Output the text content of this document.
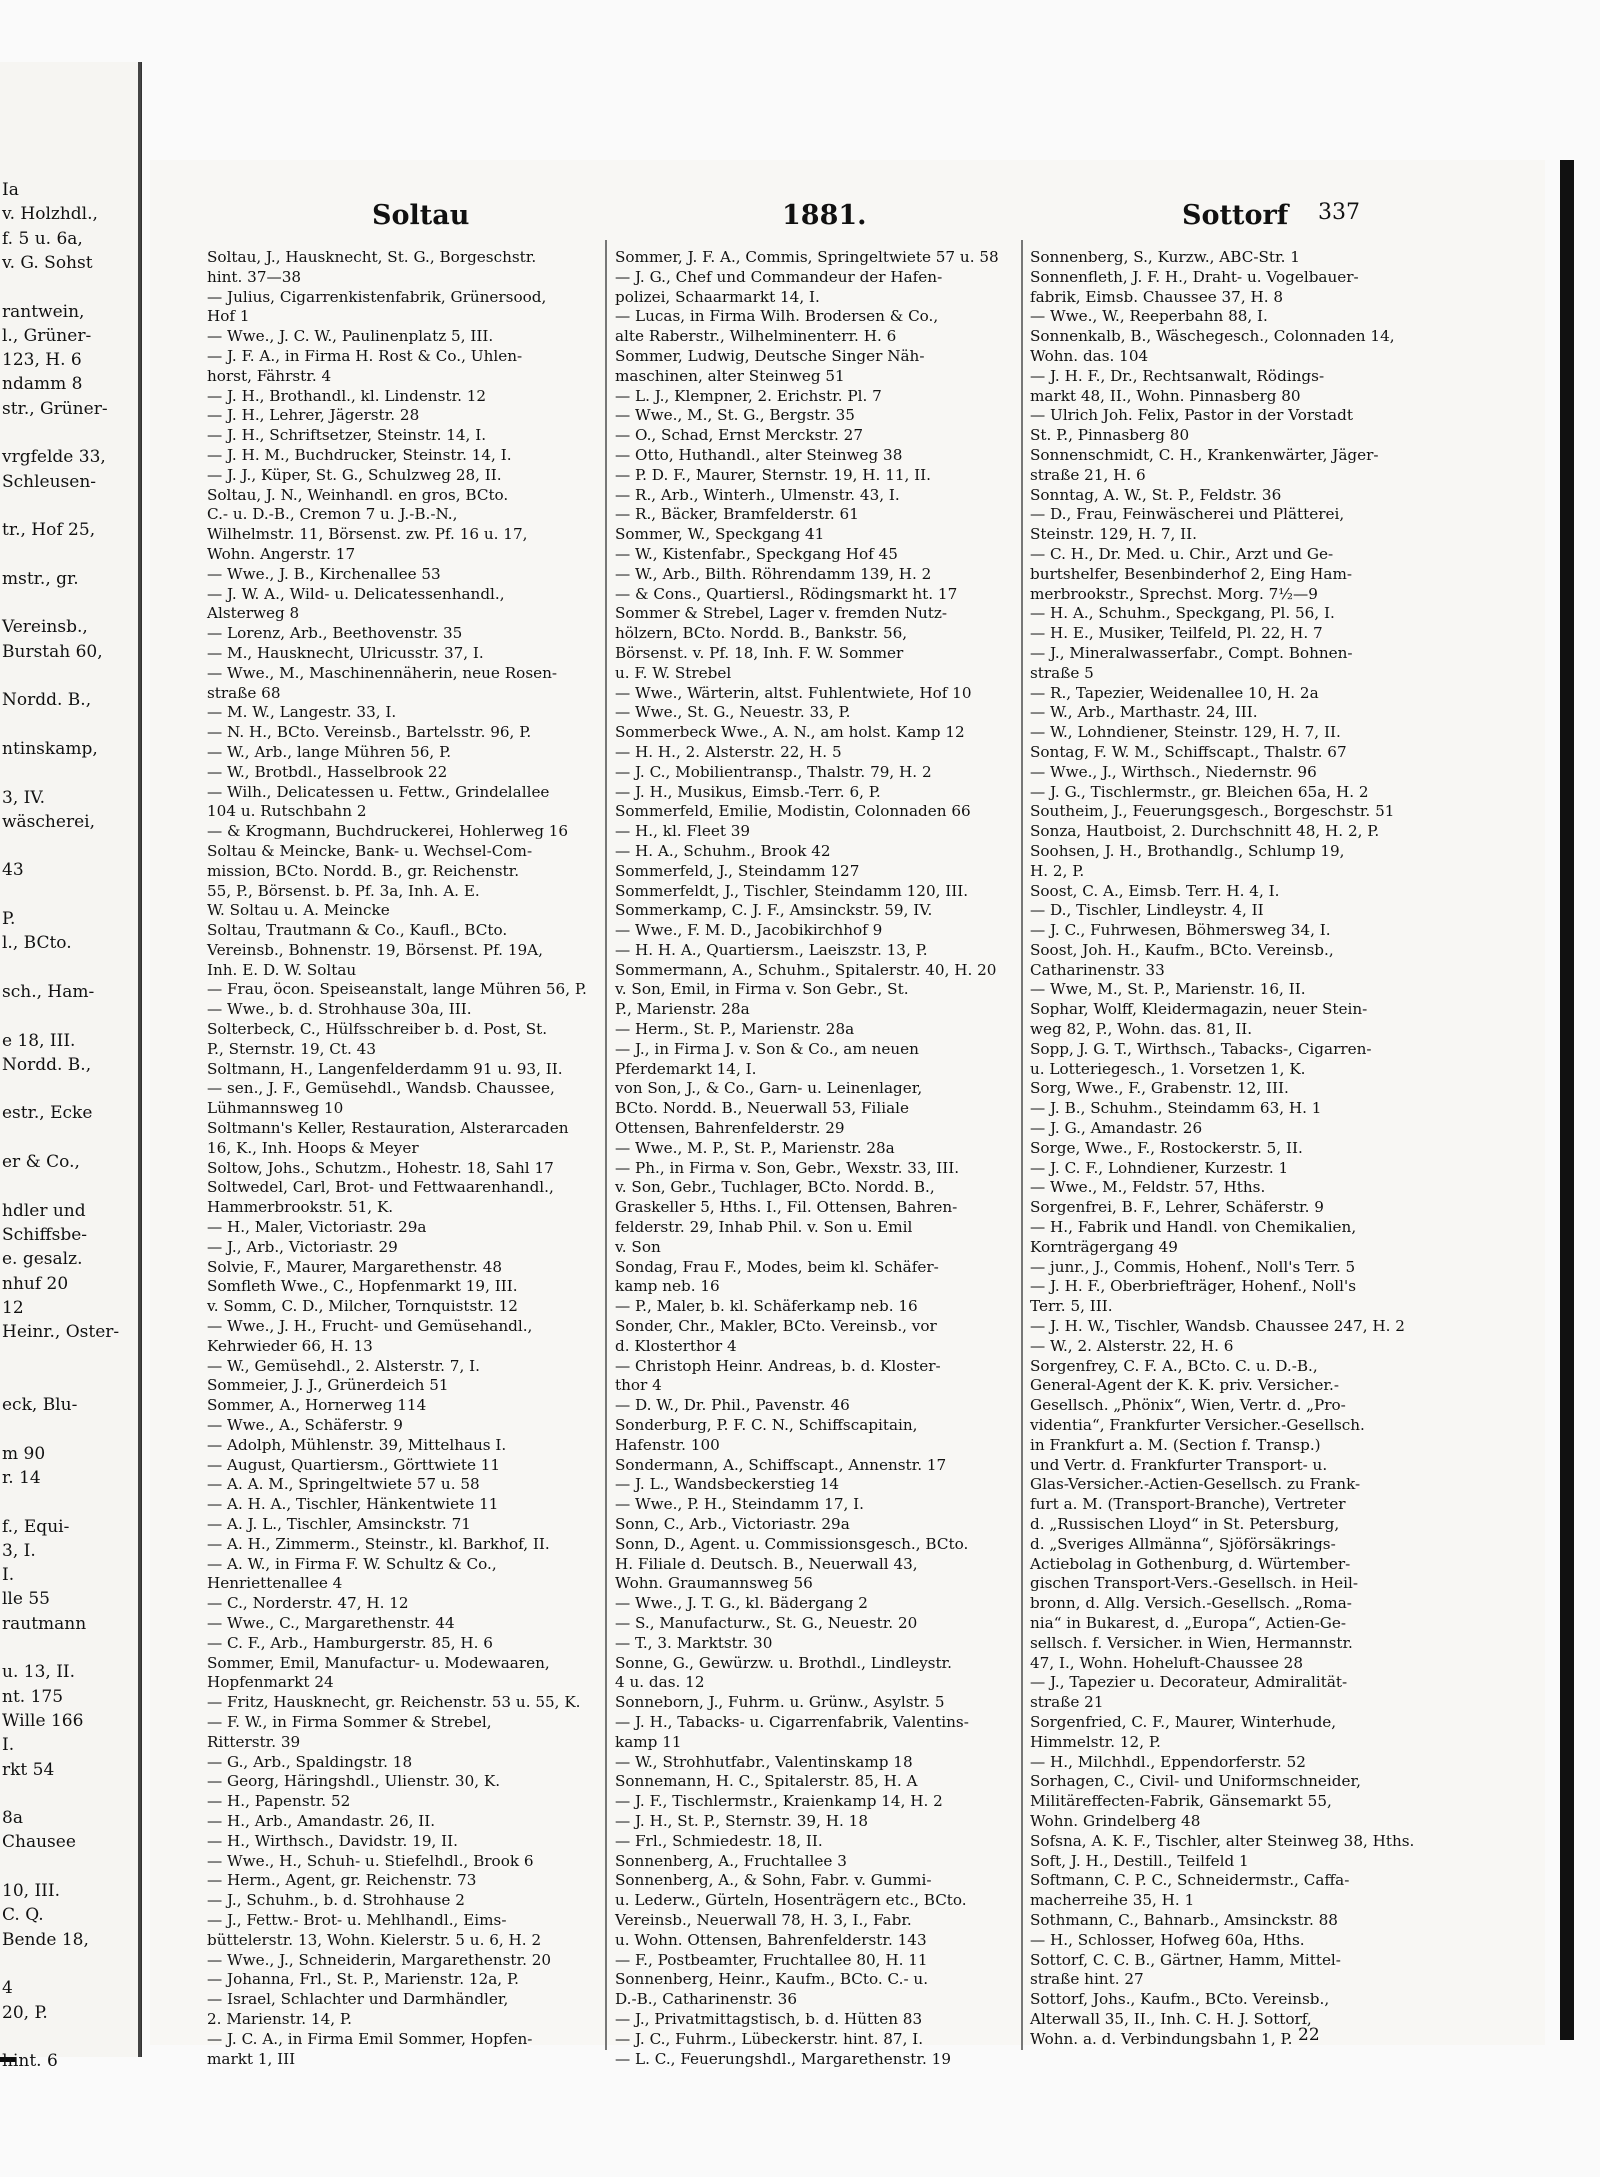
Ia
v. Holzhdl.,
f. 5 u. 6a,
v. G. Sohst
rantwein,
l., Grüner-
123, H. 6
ndamm 8
str., Grüner-
vrgfelde 33,
Schleusen-
tr., Hof 25,
mstr., gr.
Vereinsb.,
Burstah 60,
Nordd. B.,
ntinskamp,
3, IV.
wäscherei,
43
P.
l., BCto.
sch., Ham-
e 18, III.
Nordd. B.,
estr., Ecke
er & Co.,
hdler und
Schiffsbe-
e. gesalz.
nhuf 20
12
Heinr., Oster-
eck, Blu-
m 90
r. 14
f., Equi-
3, I.
I.
lle 55
rautmann
u. 13, II.
nt. 175
Wille 166
I.
rkt 54
8a
Chausee
10, III.
C. Q.
Bende 18,
4
20, P.
hint. 6
Soltau	1881.	Sottorf 337
Soltau, J., Hausknecht, St. G., Borgeschstr.
hint. 37—38
— Julius, Cigarrenkistenfabrik, Grünersood,
Hof 1
— Wwe., J. C. W., Paulinenplatz 5, III.
— J. F. A., in Firma H. Rost & Co., Uhlen-
horst, Fährstr. 4
— J. H., Brothandl., kl. Lindenstr. 12
— J. H., Lehrer, Jägerstr. 28
— J. H., Schriftsetzer, Steinstr. 14, I.
— J. H. M., Buchdrucker, Steinstr. 14, I.
— J. J., Küper, St. G., Schulzweg 28, II.
Soltau, J. N., Weinhandl. en gros, BCto.
C.- u. D.-B., Cremon 7 u. J.-B.-N.,
Wilhelmstr. 11, Börsenst. zw. Pf. 16 u. 17,
Wohn. Angerstr. 17
— Wwe., J. B., Kirchenallee 53
— J. W. A., Wild- u. Delicatessenhandl.,
Alsterweg 8
— Lorenz, Arb., Beethovenstr. 35
— M., Hausknecht, Ulricusstr. 37, I.
— Wwe., M., Maschinennäherin, neue Rosen-
straße 68
— M. W., Langestr. 33, I.
— N. H., BCto. Vereinsb., Bartelsstr. 96, P.
— W., Arb., lange Mühren 56, P.
— W., Brotbdl., Hasselbrook 22
— Wilh., Delicatessen u. Fettw., Grindelallee
104 u. Rutschbahn 2
— & Krogmann, Buchdruckerei, Hohlerweg 16
Soltau & Meincke, Bank- u. Wechsel-Com-
mission, BCto. Nordd. B., gr. Reichenstr.
55, P., Börsenst. b. Pf. 3a, Inh. A. E.
W. Soltau u. A. Meincke
Soltau, Trautmann & Co., Kaufl., BCto.
Vereinsb., Bohnenstr. 19, Börsenst. Pf. 19A,
Inh. E. D. W. Soltau
— Frau, öcon. Speiseanstalt, lange Mühren 56, P.
— Wwe., b. d. Strohhause 30a, III.
Solterbeck, C., Hülfsschreiber b. d. Post, St.
P., Sternstr. 19, Ct. 43
Soltmann, H., Langenfelderdamm 91 u. 93, II.
— sen., J. F., Gemüsehdl., Wandsb. Chaussee,
Lühmannsweg 10
Soltmann's Keller, Restauration, Alsterarcaden
16, K., Inh. Hoops & Meyer
Soltow, Johs., Schutzm., Hohestr. 18, Sahl 17
Soltwedel, Carl, Brot- und Fettwaarenhandl.,
Hammerbrookstr. 51, K.
— H., Maler, Victoriastr. 29a
— J., Arb., Victoriastr. 29
Solvie, F., Maurer, Margarethenstr. 48
Somfleth Wwe., C., Hopfenmarkt 19, III.
v. Somm, C. D., Milcher, Tornquiststr. 12
— Wwe., J. H., Frucht- und Gemüsehandl.,
Kehrwieder 66, H. 13
— W., Gemüsehdl., 2. Alsterstr. 7, I.
Sommeier, J. J., Grünerdeich 51
Sommer, A., Hornerweg 114
— Wwe., A., Schäferstr. 9
— Adolph, Mühlenstr. 39, Mittelhaus I.
— August, Quartiersm., Görttwiete 11
— A. A. M., Springeltwiete 57 u. 58
— A. H. A., Tischler, Hänkentwiete 11
— A. J. L., Tischler, Amsinckstr. 71
— A. H., Zimmerm., Steinstr., kl. Barkhof, II.
— A. W., in Firma F. W. Schultz & Co.,
Henriettenallee 4
— C., Norderstr. 47, H. 12
— Wwe., C., Margarethenstr. 44
— C. F., Arb., Hamburgerstr. 85, H. 6
Sommer, Emil, Manufactur- u. Modewaaren,
Hopfenmarkt 24
— Fritz, Hausknecht, gr. Reichenstr. 53 u. 55, K.
— F. W., in Firma Sommer & Strebel,
Ritterstr. 39
— G., Arb., Spaldingstr. 18
— Georg, Häringshdl., Ulienstr. 30, K.
— H., Papenstr. 52
— H., Arb., Amandastr. 26, II.
— H., Wirthsch., Davidstr. 19, II.
— Wwe., H., Schuh- u. Stiefelhdl., Brook 6
— Herm., Agent, gr. Reichenstr. 73
— J., Schuhm., b. d. Strohhause 2
— J., Fettw.- Brot- u. Mehlhandl., Eims-
büttelerstr. 13, Wohn. Kielerstr. 5 u. 6, H. 2
— Wwe., J., Schneiderin, Margarethenstr. 20
— Johanna, Frl., St. P., Marienstr. 12a, P.
— Israel, Schlachter und Darmhändler,
2. Marienstr. 14, P.
— J. C. A., in Firma Emil Sommer, Hopfen-
markt 1, III
Sommer, J. F. A., Commis, Springeltwiete 57 u. 58
— J. G., Chef und Commandeur der Hafen-
polizei, Schaarmarkt 14, I.
— Lucas, in Firma Wilh. Brodersen & Co.,
alte Raberstr., Wilhelminenterr. H. 6
Sommer, Ludwig, Deutsche Singer Näh-
maschinen, alter Steinweg 51
— L. J., Klempner, 2. Erichstr. Pl. 7
— Wwe., M., St. G., Bergstr. 35
— O., Schad, Ernst Merckstr. 27
— Otto, Huthandl., alter Steinweg 38
— P. D. F., Maurer, Sternstr. 19, H. 11, II.
— R., Arb., Winterh., Ulmenstr. 43, I.
— R., Bäcker, Bramfelderstr. 61
Sommer, W., Speckgang 41
— W., Kistenfabr., Speckgang Hof 45
— W., Arb., Bilth. Röhrendamm 139, H. 2
— & Cons., Quartiersl., Rödingsmarkt ht. 17
Sommer & Strebel, Lager v. fremden Nutz-
hölzern, BCto. Nordd. B., Bankstr. 56,
Börsenst. v. Pf. 18, Inh. F. W. Sommer
u. F. W. Strebel
— Wwe., Wärterin, altst. Fuhlentwiete, Hof 10
— Wwe., St. G., Neuestr. 33, P.
Sommerbeck Wwe., A. N., am holst. Kamp 12
— H. H., 2. Alsterstr. 22, H. 5
— J. C., Mobilientransp., Thalstr. 79, H. 2
— J. H., Musikus, Eimsb.-Terr. 6, P.
Sommerfeld, Emilie, Modistin, Colonnaden 66
— H., kl. Fleet 39
— H. A., Schuhm., Brook 42
Sommerfeld, J., Steindamm 127
Sommerfeldt, J., Tischler, Steindamm 120, III.
Sommerkamp, C. J. F., Amsinckstr. 59, IV.
— Wwe., F. M. D., Jacobikirchhof 9
— H. H. A., Quartiersm., Laeiszstr. 13, P.
Sommermann, A., Schuhm., Spitalerstr. 40, H. 20
v. Son, Emil, in Firma v. Son Gebr., St.
P., Marienstr. 28a
— Herm., St. P., Marienstr. 28a
— J., in Firma J. v. Son & Co., am neuen
Pferdemarkt 14, I.
von Son, J., & Co., Garn- u. Leinenlager,
BCto. Nordd. B., Neuerwall 53, Filiale
Ottensen, Bahrenfelderstr. 29
— Wwe., M. P., St. P., Marienstr. 28a
— Ph., in Firma v. Son, Gebr., Wexstr. 33, III.
v. Son, Gebr., Tuchlager, BCto. Nordd. B.,
Graskeller 5, Hths. I., Fil. Ottensen, Bahren-
felderstr. 29, Inhab Phil. v. Son u. Emil
v. Son
Sondag, Frau F., Modes, beim kl. Schäfer-
kamp neb. 16
— P., Maler, b. kl. Schäferkamp neb. 16
Sonder, Chr., Makler, BCto. Vereinsb., vor
d. Klosterthor 4
— Christoph Heinr. Andreas, b. d. Kloster-
thor 4
— D. W., Dr. Phil., Pavenstr. 46
Sonderburg, P. F. C. N., Schiffscapitain,
Hafenstr. 100
Sondermann, A., Schiffscapt., Annenstr. 17
— J. L., Wandsbeckerstieg 14
— Wwe., P. H., Steindamm 17, I.
Sonn, C., Arb., Victoriastr. 29a
Sonn, D., Agent. u. Commissionsgesch., BCto.
H. Filiale d. Deutsch. B., Neuerwall 43,
Wohn. Graumannsweg 56
— Wwe., J. T. G., kl. Bädergang 2
— S., Manufacturw., St. G., Neuestr. 20
— T., 3. Marktstr. 30
Sonne, G., Gewürzw. u. Brothdl., Lindleystr.
4 u. das. 12
Sonneborn, J., Fuhrm. u. Grünw., Asylstr. 5
— J. H., Tabacks- u. Cigarrenfabrik, Valentins-
kamp 11
— W., Strohhutfabr., Valentinskamp 18
Sonnemann, H. C., Spitalerstr. 85, H. A
— J. F., Tischlermstr., Kraienkamp 14, H. 2
— J. H., St. P., Sternstr. 39, H. 18
— Frl., Schmiedestr. 18, II.
Sonnenberg, A., Fruchtallee 3
Sonnenberg, A., & Sohn, Fabr. v. Gummi-
u. Lederw., Gürteln, Hosenträgern etc., BCto.
Vereinsb., Neuerwall 78, H. 3, I., Fabr.
u. Wohn. Ottensen, Bahrenfelderstr. 143
— F., Postbeamter, Fruchtallee 80, H. 11
Sonnenberg, Heinr., Kaufm., BCto. C.- u.
D.-B., Catharinenstr. 36
— J., Privatmittagstisch, b. d. Hütten 83
— J. C., Fuhrm., Lübeckerstr. hint. 87, I.
— L. C., Feuerungshdl., Margarethenstr. 19
Sonnenberg, S., Kurzw., ABC-Str. 1
Sonnenfleth, J. F. H., Draht- u. Vogelbauer-
fabrik, Eimsb. Chaussee 37, H. 8
— Wwe., W., Reeperbahn 88, I.
Sonnenkalb, B., Wäschegesch., Colonnaden 14,
Wohn. das. 104
— J. H. F., Dr., Rechtsanwalt, Rödings-
markt 48, II., Wohn. Pinnasberg 80
— Ulrich Joh. Felix, Pastor in der Vorstadt
St. P., Pinnasberg 80
Sonnenschmidt, C. H., Krankenwärter, Jäger-
straße 21, H. 6
Sonntag, A. W., St. P., Feldstr. 36
— D., Frau, Feinwäscherei und Plätterei,
Steinstr. 129, H. 7, II.
— C. H., Dr. Med. u. Chir., Arzt und Ge-
burtshelfer, Besenbinderhof 2, Eing Ham-
merbrookstr., Sprechst. Morg. 7½—9
— H. A., Schuhm., Speckgang, Pl. 56, I.
— H. E., Musiker, Teilfeld, Pl. 22, H. 7
— J., Mineralwasserfabr., Compt. Bohnen-
straße 5
— R., Tapezier, Weidenallee 10, H. 2a
— W., Arb., Marthastr. 24, III.
— W., Lohndiener, Steinstr. 129, H. 7, II.
Sontag, F. W. M., Schiffscapt., Thalstr. 67
— Wwe., J., Wirthsch., Niedernstr. 96
— J. G., Tischlermstr., gr. Bleichen 65a, H. 2
Southeim, J., Feuerungsgesch., Borgeschstr. 51
Sonza, Hautboist, 2. Durchschnitt 48, H. 2, P.
Soohsen, J. H., Brothandlg., Schlump 19,
H. 2, P.
Soost, C. A., Eimsb. Terr. H. 4, I.
— D., Tischler, Lindleystr. 4, II
— J. C., Fuhrwesen, Böhmersweg 34, I.
Soost, Joh. H., Kaufm., BCto. Vereinsb.,
Catharinenstr. 33
— Wwe, M., St. P., Marienstr. 16, II.
Sophar, Wolff, Kleidermagazin, neuer Stein-
weg 82, P., Wohn. das. 81, II.
Sopp, J. G. T., Wirthsch., Tabacks-, Cigarren-
u. Lotteriegesch., 1. Vorsetzen 1, K.
Sorg, Wwe., F., Grabenstr. 12, III.
— J. B., Schuhm., Steindamm 63, H. 1
— J. G., Amandastr. 26
Sorge, Wwe., F., Rostockerstr. 5, II.
— J. C. F., Lohndiener, Kurzestr. 1
— Wwe., M., Feldstr. 57, Hths.
Sorgenfrei, B. F., Lehrer, Schäferstr. 9
— H., Fabrik und Handl. von Chemikalien,
Kornträgergang 49
— junr., J., Commis, Hohenf., Noll's Terr. 5
— J. H. F., Oberbriefträger, Hohenf., Noll's
Terr. 5, III.
— J. H. W., Tischler, Wandsb. Chaussee 247, H. 2
— W., 2. Alsterstr. 22, H. 6
Sorgenfrey, C. F. A., BCto. C. u. D.-B.,
General-Agent der K. K. priv. Versicher.-
Gesellsch. „Phönix“, Wien, Vertr. d. „Pro-
videntia“, Frankfurter Versicher.-Gesellsch.
in Frankfurt a. M. (Section f. Transp.)
und Vertr. d. Frankfurter Transport- u.
Glas-Versicher.-Actien-Gesellsch. zu Frank-
furt a. M. (Transport-Branche), Vertreter
d. „Russischen Lloyd“ in St. Petersburg,
d. „Sveriges Allmänna“, Sjöförsäkrings-
Actiebolag in Gothenburg, d. Würtember-
gischen Transport-Vers.-Gesellsch. in Heil-
bronn, d. Allg. Versich.-Gesellsch. „Roma-
nia“ in Bukarest, d. „Europa“, Actien-Ge-
sellsch. f. Versicher. in Wien, Hermannstr.
47, I., Wohn. Hoheluft-Chaussee 28
— J., Tapezier u. Decorateur, Admiralität-
straße 21
Sorgenfried, C. F., Maurer, Winterhude,
Himmelstr. 12, P.
— H., Milchhdl., Eppendorferstr. 52
Sorhagen, C., Civil- und Uniformschneider,
Militäreffecten-Fabrik, Gänsemarkt 55,
Wohn. Grindelberg 48
Sofsna, A. K. F., Tischler, alter Steinweg 38, Hths.
Soft, J. H., Destill., Teilfeld 1
Softmann, C. P. C., Schneidermstr., Caffa-
macherreihe 35, H. 1
Sothmann, C., Bahnarb., Amsinckstr. 88
— H., Schlosser, Hofweg 60a, Hths.
Sottorf, C. C. B., Gärtner, Hamm, Mittel-
straße hint. 27
Sottorf, Johs., Kaufm., BCto. Vereinsb.,
Alterwall 35, II., Inh. C. H. J. Sottorf,
Wohn. a. d. Verbindungsbahn 1, P. 22
